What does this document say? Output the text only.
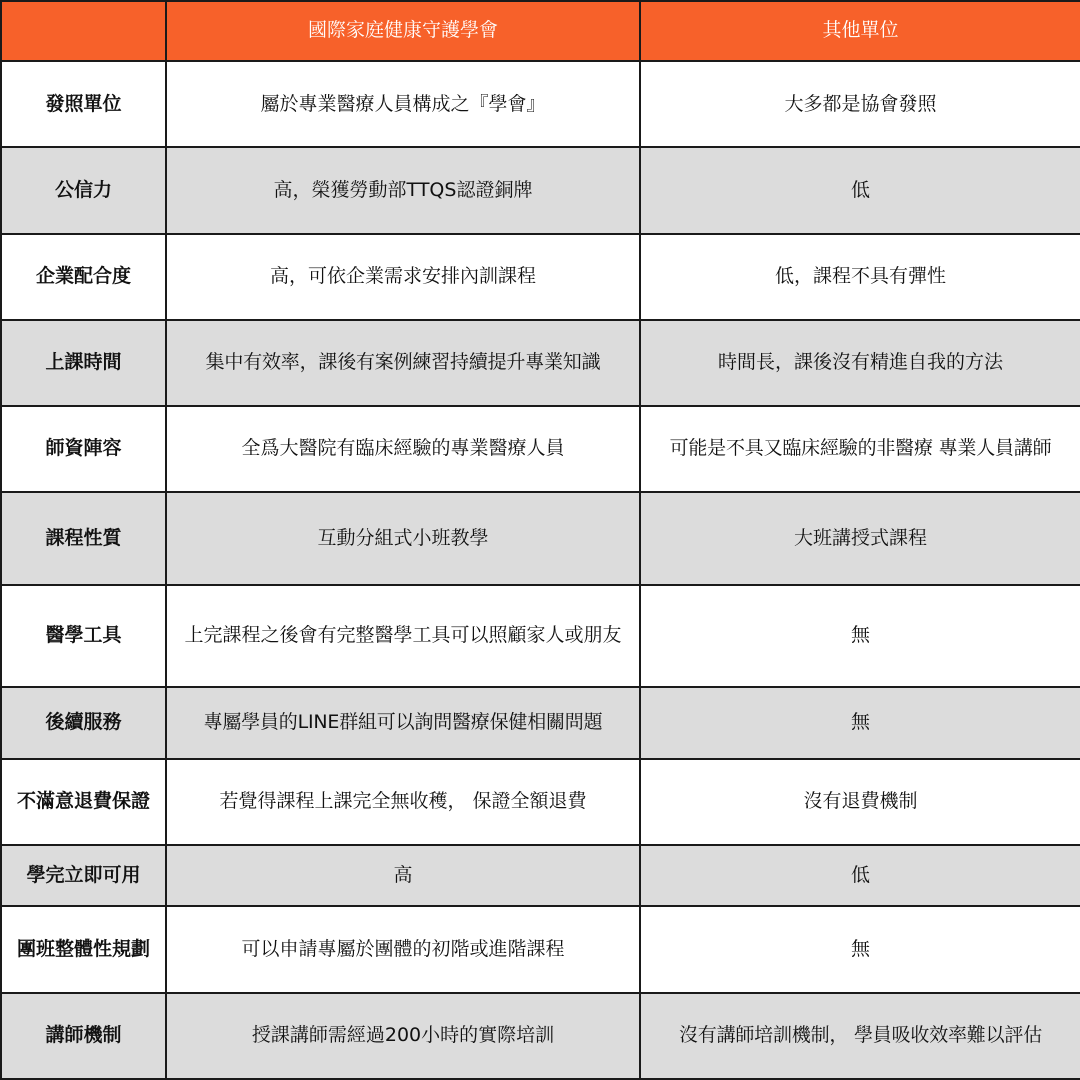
	國際家庭健康守護學會	其他單位
發照單位	屬於專業醫療人員構成之『學會』	大多都是協會發照
公信力	高，榮獲勞動部TTQS認證銅牌	低
企業配合度	高，可依企業需求安排內訓課程	低，課程不具有彈性
上課時間	集中有效率，課後有案例練習持續提升專業知識	時間長，課後沒有精進自我的方法
師資陣容	全爲大醫院有臨床經驗的專業醫療人員	可能是不具又臨床經驗的非醫療 專業人員講師
課程性質	互動分組式小班教學	大班講授式課程
醫學工具	上完課程之後會有完整醫學工具可以照顧家人或朋友	無
後續服務	專屬學員的LINE群組可以詢問醫療保健相關問題	無
不滿意退費保證	若覺得課程上課完全無收穫， 保證全額退費	沒有退費機制
學完立即可用	高	低
團班整體性規劃	可以申請專屬於團體的初階或進階課程	無
講師機制	授課講師需經過200小時的實際培訓	沒有講師培訓機制， 學員吸收效率難以評估
